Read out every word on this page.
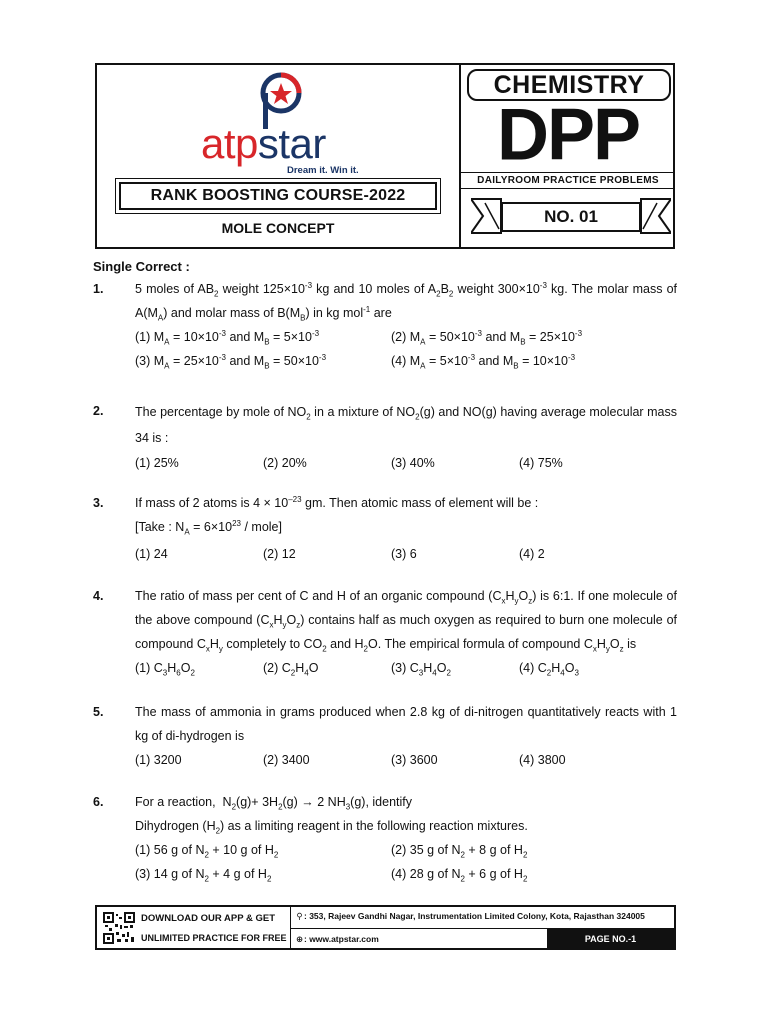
atpstar
Dream it. Win it.
RANK BOOSTING COURSE-2022
MOLE CONCEPT
CHEMISTRY
DPP
DAILYROOM PRACTICE PROBLEMS
NO. 01
Single Correct :
1.	5 moles of $AB_2$ weight $125\times 10^{-3}$ kg and 10 moles of $A_2B_2$ weight $300\times 10^{-3}$ kg. The molar mass of $A(M_A)$ and molar mass of $B(M_B)$ in kg mol$^{-1}$ are
(1) $M_A = 10\times 10^{-3}$ and $M_B = 5\times 10^{-3}$	(2) $M_A = 50\times 10^{-3}$ and $M_B = 25\times 10^{-3}$
(3) $M_A = 25\times 10^{-3}$ and $M_B = 50\times 10^{-3}$	(4) $M_A = 5\times 10^{-3}$ and $M_B = 10\times 10^{-3}$
2.	The percentage by mole of $NO_2$ in a mixture of $NO_2(g)$ and NO(g) having average molecular mass 34 is :
(1) 25%	(2) 20%	(3) 40%	(4) 75%
3.	If mass of 2 atoms is $4 \times 10^{-23}$ gm. Then atomic mass of element will be :
[Take : $N_A = 6\times 10^{23}$ / mole]
(1) 24	(2) 12	(3) 6	(4) 2
4.	The ratio of mass per cent of C and H of an organic compound $(C_xH_yO_z)$ is 6:1. If one molecule of the above compound $(C_xH_yO_z)$ contains half as much oxygen as required to burn one molecule of compound $C_xH_y$ completely to $CO_2$ and $H_2O$. The empirical formula of compound $C_xH_yO_z$ is
(1) $C_3H_6O_2$	(2) $C_2H_4O$	(3) $C_3H_4O_2$	(4) $C_2H_4O_3$
5.	The mass of ammonia in grams produced when 2.8 kg of di-nitrogen quantitatively reacts with 1 kg of di-hydrogen is
(1) 3200	(2) 3400	(3) 3600	(4) 3800
6.	For a reaction,  $N_2(g)+ 3H_2(g) \to 2$ $NH_3(g)$, identify
Dihydrogen $(H_2)$ as a limiting reagent in the following reaction mixtures.
(1) 56 g of $N_2 + 10$ g of $H_2$	(2) 35 g of $N_2 + 8$ g of $H_2$
(3) 14 g of $N_2 + 4$ g of $H_2$	(4) 28 g of $N_2 + 6$ g of $H_2$
DOWNLOAD OUR APP & GET
UNLIMITED PRACTICE FOR FREE
⚲: 353, Rajeev Gandhi Nagar, Instrumentation Limited Colony, Kota, Rajasthan 324005
⊕: www.atpstar.com	PAGE NO.-1
